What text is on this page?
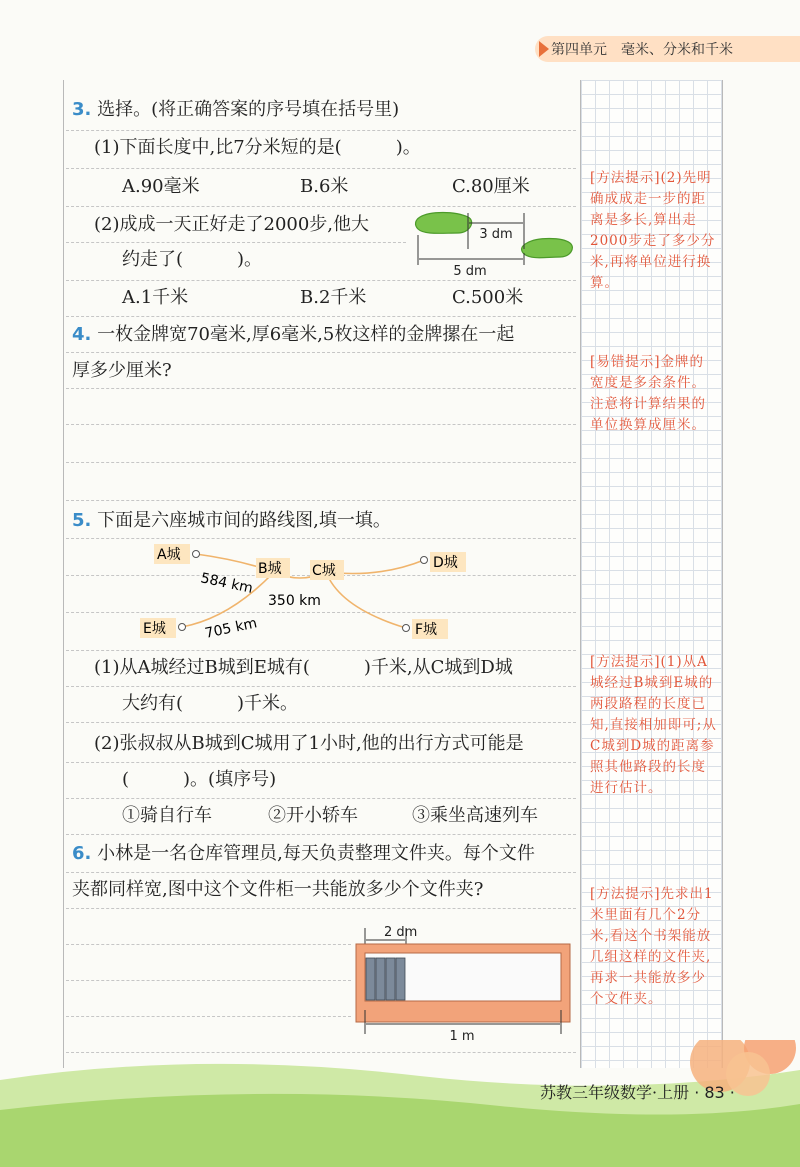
第四单元　毫米、分米和千米
3. 选择。(将正确答案的序号填在括号里)
(1)下面长度中,比7分米短的是(　　　)。
A.90毫米	B.6米	C.80厘米
(2)成成一天正好走了2000步,他大
约走了(　　　)。
3 dm
5 dm
A.1千米	B.2千米	C.500米
4. 一枚金牌宽70毫米,厚6毫米,5枚这样的金牌摞在一起
厚多少厘米?
5. 下面是六座城市间的路线图,填一填。
A城
B城 C城	D城
E城	F城
584 km
350 km
705 km
(1)从A城经过B城到E城有(　　　)千米,从C城到D城
大约有(　　　)千米。
(2)张叔叔从B城到C城用了1小时,他的出行方式可能是
(　　　)。(填序号)
①骑自行车	②开小轿车	③乘坐高速列车
6. 小林是一名仓库管理员,每天负责整理文件夹。每个文件
夹都同样宽,图中这个文件柜一共能放多少个文件夹?
2 dm
1 m
[方法提示](2)先明确成成走一步的距离是多长,算出走2000步走了多少分米,再将单位进行换算。
[易错提示]金牌的宽度是多余条件。注意将计算结果的单位换算成厘米。
[方法提示](1)从A城经过B城到E城的两段路程的长度已知,直接相加即可;从C城到D城的距离参照其他路段的长度进行估计。
[方法提示]先求出1米里面有几个2分米,看这个书架能放几组这样的文件夹,再求一共能放多少个文件夹。
苏教三年级数学·上册 · 83 ·
